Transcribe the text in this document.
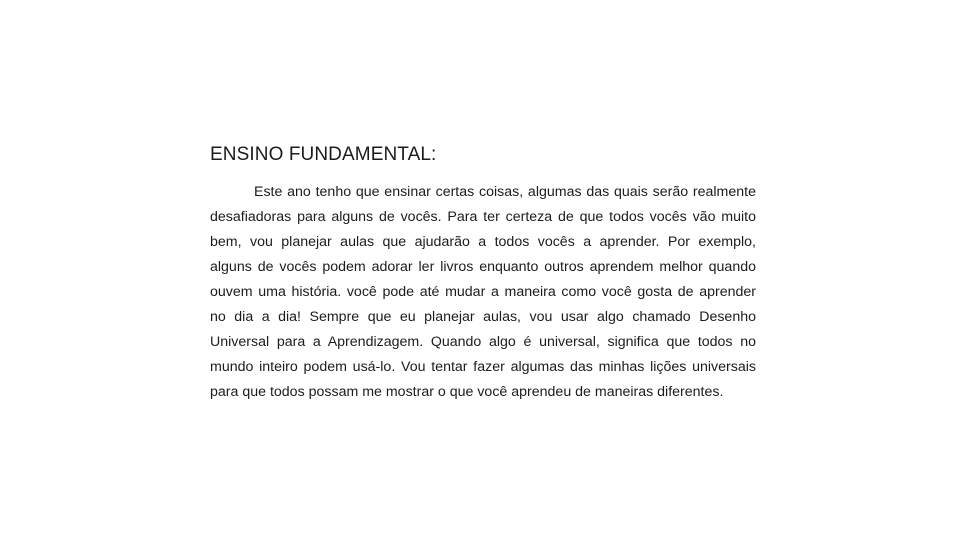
ENSINO FUNDAMENTAL:
Este ano tenho que ensinar certas coisas, algumas das quais serão realmente
desafiadoras para alguns de vocês. Para ter certeza de que todos vocês vão muito
bem, vou planejar aulas que ajudarão a todos vocês a aprender. Por exemplo,
alguns de vocês podem adorar ler livros enquanto outros aprendem melhor quando
ouvem uma história. você pode até mudar a maneira como você gosta de aprender
no dia a dia! Sempre que eu planejar aulas, vou usar algo chamado Desenho
Universal para a Aprendizagem. Quando algo é universal, significa que todos no
mundo inteiro podem usá-lo. Vou tentar fazer algumas das minhas lições universais
para que todos possam me mostrar o que você aprendeu de maneiras diferentes.
